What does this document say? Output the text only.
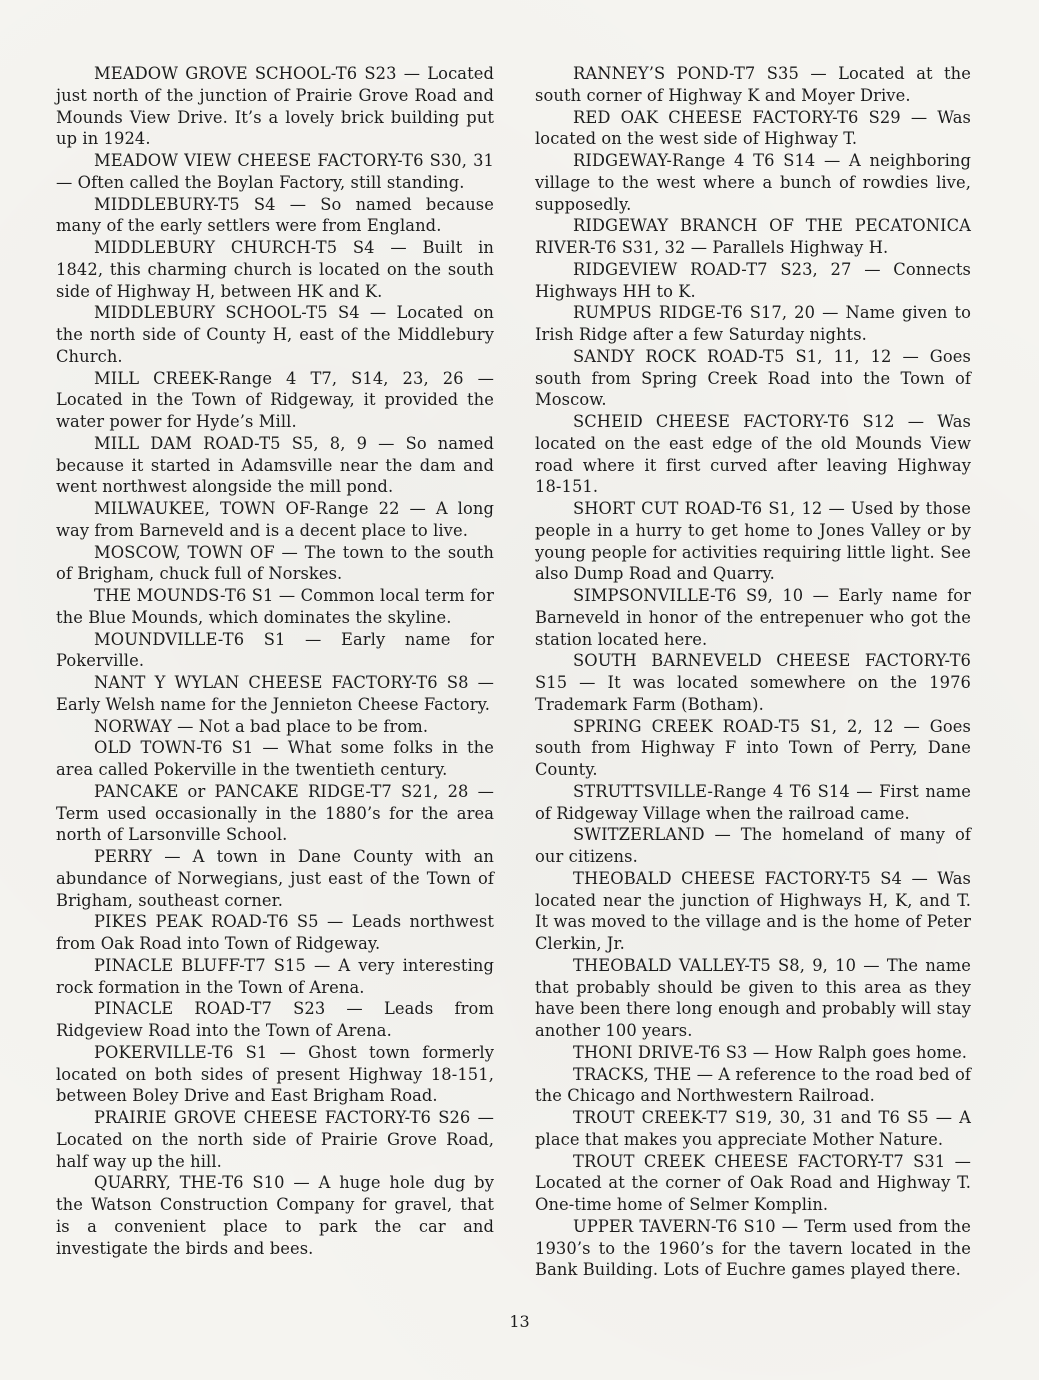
MEADOW GROVE SCHOOL-T6 S23 — Located just north of the junction of Prairie Grove Road and Mounds View Drive. It’s a lovely brick building put up in 1924.

MEADOW VIEW CHEESE FACTORY-T6 S30, 31 — Often called the Boylan Factory, still standing.

MIDDLEBURY-T5 S4 — So named because many of the early settlers were from England.

MIDDLEBURY CHURCH-T5 S4 — Built in 1842, this charming church is located on the south side of Highway H, between HK and K.

MIDDLEBURY SCHOOL-T5 S4 — Located on the north side of County H, east of the Middlebury Church.

MILL CREEK-Range 4 T7, S14, 23, 26 — Located in the Town of Ridgeway, it provided the water power for Hyde’s Mill.

MILL DAM ROAD-T5 S5, 8, 9 — So named because it started in Adamsville near the dam and went northwest alongside the mill pond.

MILWAUKEE, TOWN OF-Range 22 — A long way from Barneveld and is a decent place to live.

MOSCOW, TOWN OF — The town to the south of Brigham, chuck full of Norskes.

THE MOUNDS-T6 S1 — Common local term for the Blue Mounds, which dominates the skyline.

MOUNDVILLE-T6 S1 — Early name for Pokerville.

NANT Y WYLAN CHEESE FACTORY-T6 S8 — Early Welsh name for the Jennieton Cheese Factory.

NORWAY — Not a bad place to be from.

OLD TOWN-T6 S1 — What some folks in the area called Pokerville in the twentieth century.

PANCAKE or PANCAKE RIDGE-T7 S21, 28 — Term used occasionally in the 1880’s for the area north of Larsonville School.

PERRY — A town in Dane County with an abundance of Norwegians, just east of the Town of Brigham, southeast corner.

PIKES PEAK ROAD-T6 S5 — Leads northwest from Oak Road into Town of Ridgeway.

PINACLE BLUFF-T7 S15 — A very interesting rock formation in the Town of Arena.

PINACLE ROAD-T7 S23 — Leads from Ridgeview Road into the Town of Arena.

POKERVILLE-T6 S1 — Ghost town formerly located on both sides of present Highway 18-151, between Boley Drive and East Brigham Road.

PRAIRIE GROVE CHEESE FACTORY-T6 S26 — Located on the north side of Prairie Grove Road, half way up the hill.

QUARRY, THE-T6 S10 — A huge hole dug by the Watson Construction Company for gravel, that is a convenient place to park the car and investigate the birds and bees.

RANNEY’S POND-T7 S35 — Located at the south corner of Highway K and Moyer Drive.

RED OAK CHEESE FACTORY-T6 S29 — Was located on the west side of Highway T.

RIDGEWAY-Range 4 T6 S14 — A neighboring village to the west where a bunch of rowdies live, supposedly.

RIDGEWAY BRANCH OF THE PECATONICA RIVER-T6 S31, 32 — Parallels Highway H.

RIDGEVIEW ROAD-T7 S23, 27 — Connects Highways HH to K.

RUMPUS RIDGE-T6 S17, 20 — Name given to Irish Ridge after a few Saturday nights.

SANDY ROCK ROAD-T5 S1, 11, 12 — Goes south from Spring Creek Road into the Town of Moscow.

SCHEID CHEESE FACTORY-T6 S12 — Was located on the east edge of the old Mounds View road where it first curved after leaving Highway 18-151.

SHORT CUT ROAD-T6 S1, 12 — Used by those people in a hurry to get home to Jones Valley or by young people for activities requiring little light. See also Dump Road and Quarry.

SIMPSONVILLE-T6 S9, 10 — Early name for Barneveld in honor of the entrepenuer who got the station located here.

SOUTH BARNEVELD CHEESE FACTORY-T6 S15 — It was located somewhere on the 1976 Trademark Farm (Botham).

SPRING CREEK ROAD-T5 S1, 2, 12 — Goes south from Highway F into Town of Perry, Dane County.

STRUTTSVILLE-Range 4 T6 S14 — First name of Ridgeway Village when the railroad came.

SWITZERLAND — The homeland of many of our citizens.

THEOBALD CHEESE FACTORY-T5 S4 — Was located near the junction of Highways H, K, and T. It was moved to the village and is the home of Peter Clerkin, Jr.

THEOBALD VALLEY-T5 S8, 9, 10 — The name that probably should be given to this area as they have been there long enough and probably will stay another 100 years.

THONI DRIVE-T6 S3 — How Ralph goes home.

TRACKS, THE — A reference to the road bed of the Chicago and Northwestern Railroad.

TROUT CREEK-T7 S19, 30, 31 and T6 S5 — A place that makes you appreciate Mother Nature.

TROUT CREEK CHEESE FACTORY-T7 S31 — Located at the corner of Oak Road and Highway T. One-time home of Selmer Komplin.

UPPER TAVERN-T6 S10 — Term used from the 1930’s to the 1960’s for the tavern located in the Bank Building. Lots of Euchre games played there.

13
